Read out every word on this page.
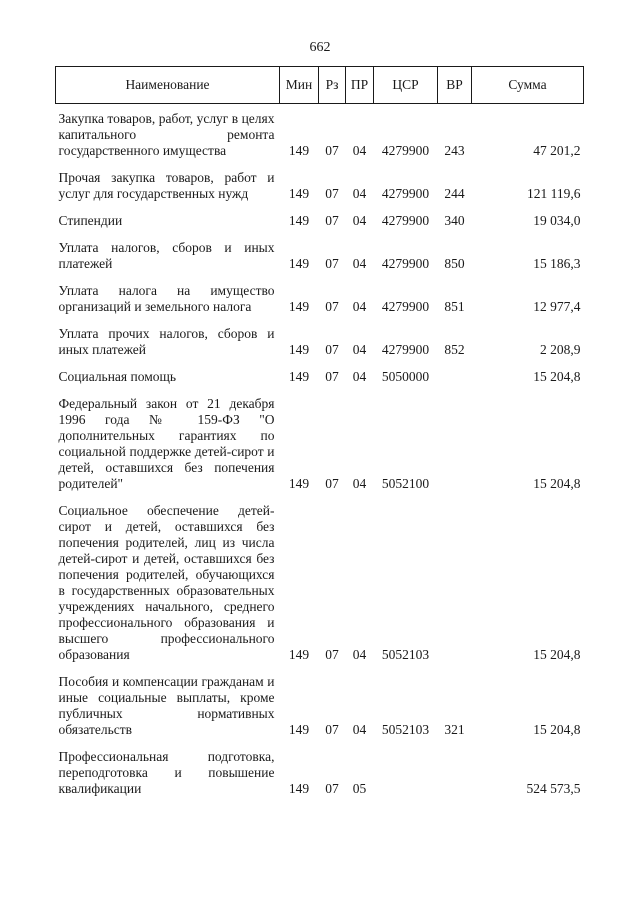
662
Наименование	Мин	Рз	ПР	ЦСР	ВР	Сумма
Закупка товаров, работ, услуг в целях капитального ремонта государственного имущества	149	07	04	4279900	243	47 201,2
Прочая закупка товаров, работ и услуг для государственных нужд	149	07	04	4279900	244	121 119,6
Стипендии	149	07	04	4279900	340	19 034,0
Уплата налогов, сборов и иных платежей	149	07	04	4279900	850	15 186,3
Уплата налога на имущество организаций и земельного налога	149	07	04	4279900	851	12 977,4
Уплата прочих налогов, сборов и иных платежей	149	07	04	4279900	852	2 208,9
Социальная помощь	149	07	04	5050000		15 204,8
Федеральный закон от 21 декабря 1996 года № 159-ФЗ "О дополнительных гарантиях по социальной поддержке детей-сирот и детей, оставшихся без попечения родителей"	149	07	04	5052100		15 204,8
Социальное обеспечение детей-сирот и детей, оставшихся без попечения родителей, лиц из числа детей-сирот и детей, оставшихся без попечения родителей, обучающихся в государственных образовательных учреждениях начального, среднего профессионального образования и высшего профессионального образования	149	07	04	5052103		15 204,8
Пособия и компенсации гражданам и иные социальные выплаты, кроме публичных нормативных обязательств	149	07	04	5052103	321	15 204,8
Профессиональная подготовка, переподготовка и повышение квалификации	149	07	05			524 573,5
